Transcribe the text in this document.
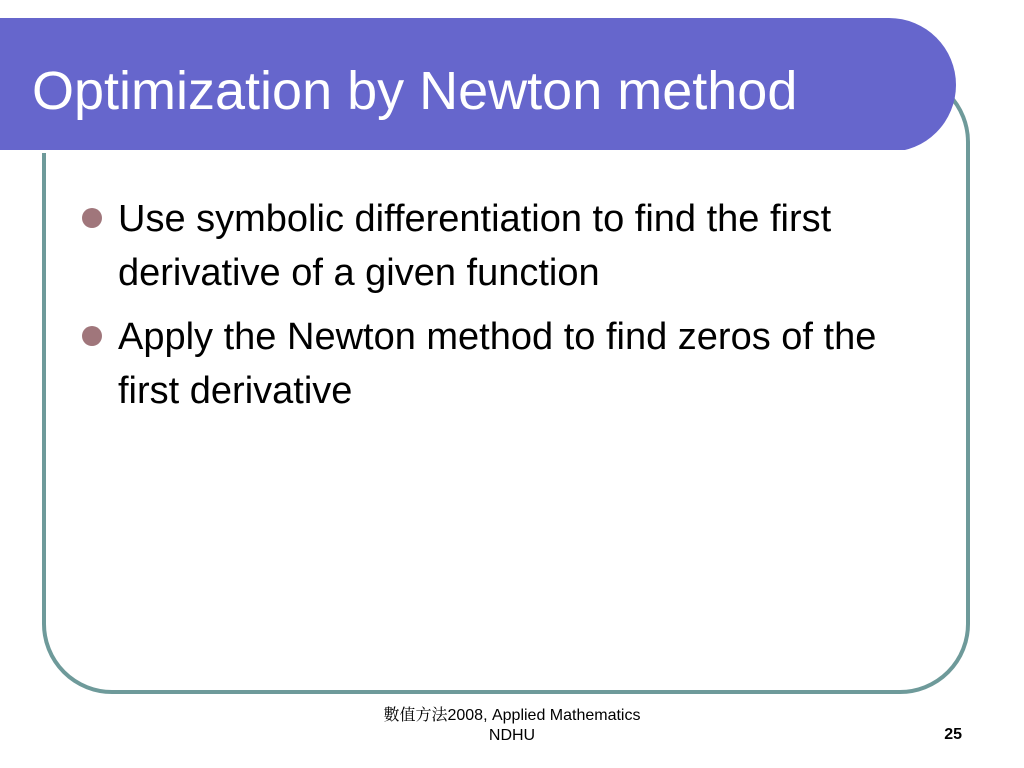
Optimization by Newton method
Use symbolic differentiation to find the first derivative of a given function
Apply the Newton method to find zeros of the first derivative
數值方法2008, Applied Mathematics
NDHU	25
